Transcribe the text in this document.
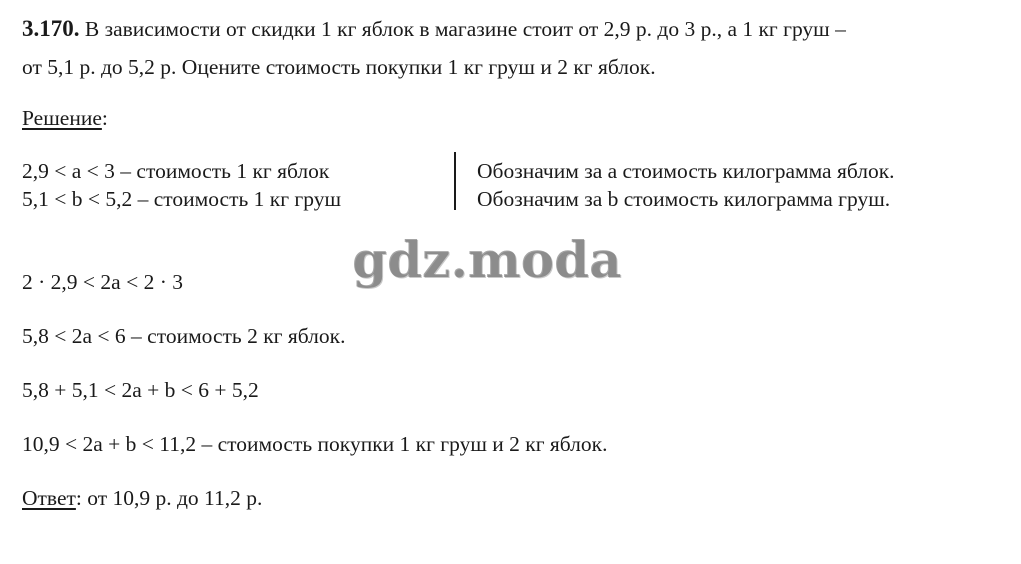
3.170. В зависимости от скидки 1 кг яблок в магазине стоит от 2,9 р. до 3 р., а 1 кг груш –
от 5,1 р. до 5,2 р. Оцените стоимость покупки 1 кг груш и 2 кг яблок.
Решение:
2,9 < a < 3 – стоимость 1 кг яблок
5,1 < b < 5,2 – стоимость 1 кг груш
Обозначим за a стоимость килограмма яблок.
Обозначим за b стоимость килограмма груш.
gdz.moda
2 · 2,9 < 2a < 2 · 3
5,8 < 2a < 6 – стоимость 2 кг яблок.
5,8 + 5,1 < 2a + b < 6 + 5,2
10,9 < 2a + b < 11,2 – стоимость покупки 1 кг груш и 2 кг яблок.
Ответ: от 10,9 р. до 11,2 р.
